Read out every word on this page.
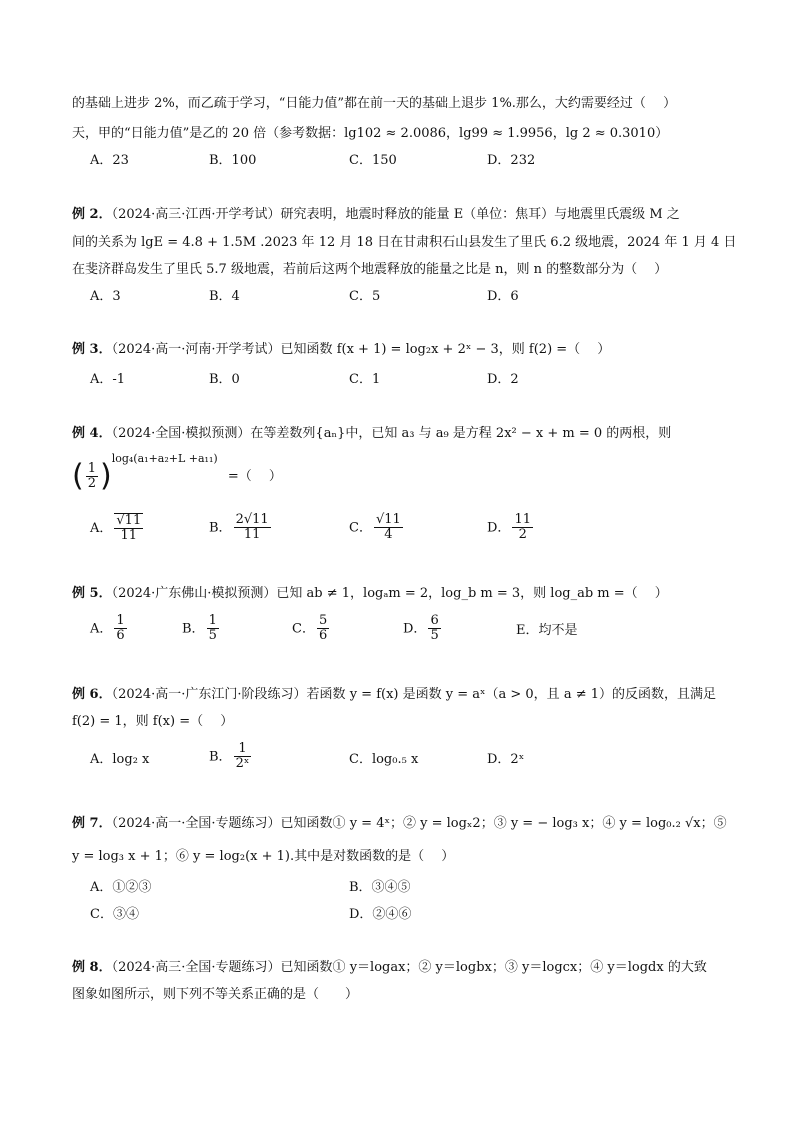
的基础上进步 2%，而乙疏于学习，“日能力值”都在前一天的基础上退步 1%.那么，大约需要经过（　 ）
天，甲的“日能力值”是乙的 20 倍（参考数据：lg102 ≈ 2.0086，lg99 ≈ 1.9956，lg 2 ≈ 0.3010）
A．23	B．100	C．150	D．232
例 2．（2024·高三·江西·开学考试）研究表明，地震时释放的能量 E（单位：焦耳）与地震里氏震级 M 之
间的关系为 lgE = 4.8 + 1.5M .2023 年 12 月 18 日在甘肃积石山县发生了里氏 6.2 级地震，2024 年 1 月 4 日
在斐济群岛发生了里氏 5.7 级地震，若前后这两个地震释放的能量之比是 n，则 n 的整数部分为（　 ）
A．3	B．4	C．5	D．6
例 3．（2024·高一·河南·开学考试）已知函数 f(x + 1) = log₂x + 2ˣ − 3，则 f(2) =（　 ）
A．-1	B．0	C．1	D．2
例 4．（2024·全国·模拟预测）在等差数列{aₙ}中，已知 a₃ 与 a₉ 是方程 2x² − x + m = 0 的两根，则
( $\frac{1}{2} )^{log_4(a_1+a_2+L +a_{11})}$ =（　 ）
A． $\frac{√11}{11}$	B． $\frac{2√11}{11}$	C． $\frac{√11}{4}$	D． $\frac{11}{2}$
例 5．（2024·广东佛山·模拟预测）已知 ab ≠ 1，logₐm = 2，log_b m = 3，则 log_ab m =（　 ）
A． $\frac{1}{6}$	B． $\frac{1}{5}$	C． $\frac{5}{6}$	D． $\frac{6}{5}$	E．均不是
例 6．（2024·高一·广东江门·阶段练习）若函数 y = f(x) 是函数 y = aˣ（a > 0，且 a ≠ 1）的反函数，且满足
f(2) = 1，则 f(x) =（　 ）
A．log₂ x	B． $\frac{1}{\text{2ˣ}}$	C．log₀.₅ x	D．2ˣ
例 7．（2024·高一·全国·专题练习）已知函数① y = 4ˣ；② y = logₓ2；③ y = − log₃ x；④ y = log₀.₂ √x；⑤
y = log₃ x + 1；⑥ y = log₂(x + 1).其中是对数函数的是（　 ）
A．①②③	B．③④⑤
C．③④	D．②④⑥
例 8．（2024·高三·全国·专题练习）已知函数① y＝logax；② y＝logbx；③ y＝logcx；④ y＝logdx 的大致
图象如图所示，则下列不等关系正确的是（　　）
